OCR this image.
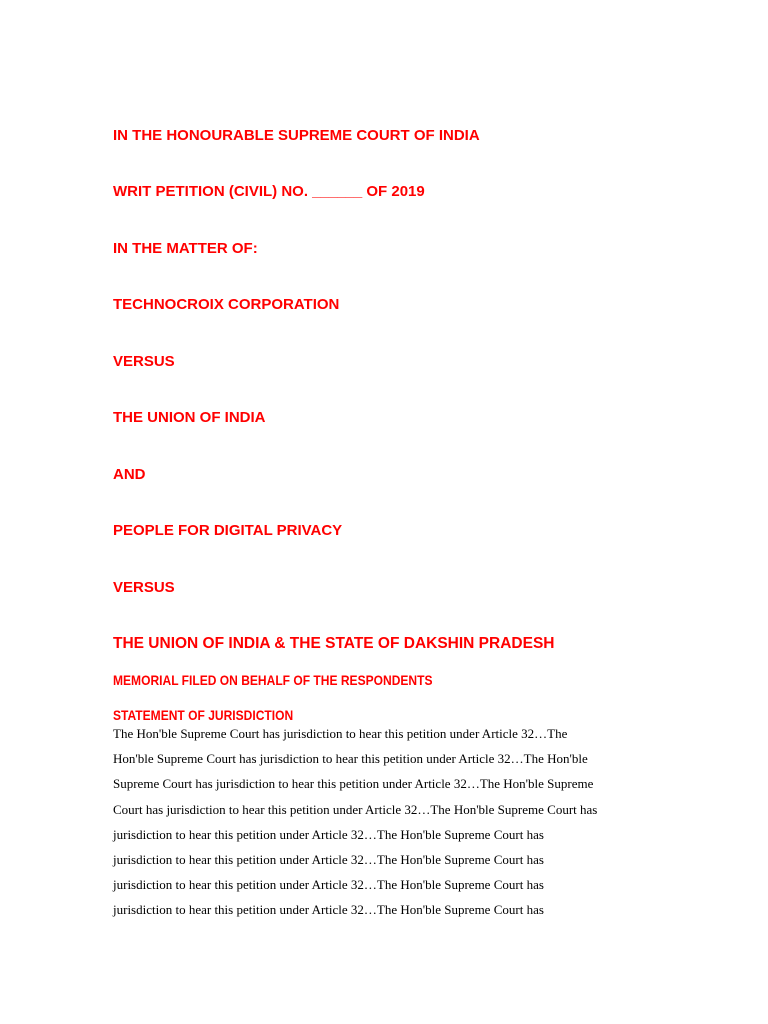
IN THE HONOURABLE SUPREME COURT OF INDIA
WRIT PETITION (CIVIL) NO. ______ OF 2019
IN THE MATTER OF:
TECHNOCROIX CORPORATION
VERSUS
THE UNION OF INDIA
AND
PEOPLE FOR DIGITAL PRIVACY
VERSUS
THE UNION OF INDIA & THE STATE OF DAKSHIN PRADESH
MEMORIAL FILED ON BEHALF OF THE RESPONDENTS
STATEMENT OF JURISDICTION
The Hon'ble Supreme Court has jurisdiction to hear this petition under Article 32…The
Hon'ble Supreme Court has jurisdiction to hear this petition under Article 32…The Hon'ble
Supreme Court has jurisdiction to hear this petition under Article 32…The Hon'ble Supreme
Court has jurisdiction to hear this petition under Article 32…The Hon'ble Supreme Court has
jurisdiction to hear this petition under Article 32…The Hon'ble Supreme Court has
jurisdiction to hear this petition under Article 32…The Hon'ble Supreme Court has
jurisdiction to hear this petition under Article 32…The Hon'ble Supreme Court has
jurisdiction to hear this petition under Article 32…The Hon'ble Supreme Court has
